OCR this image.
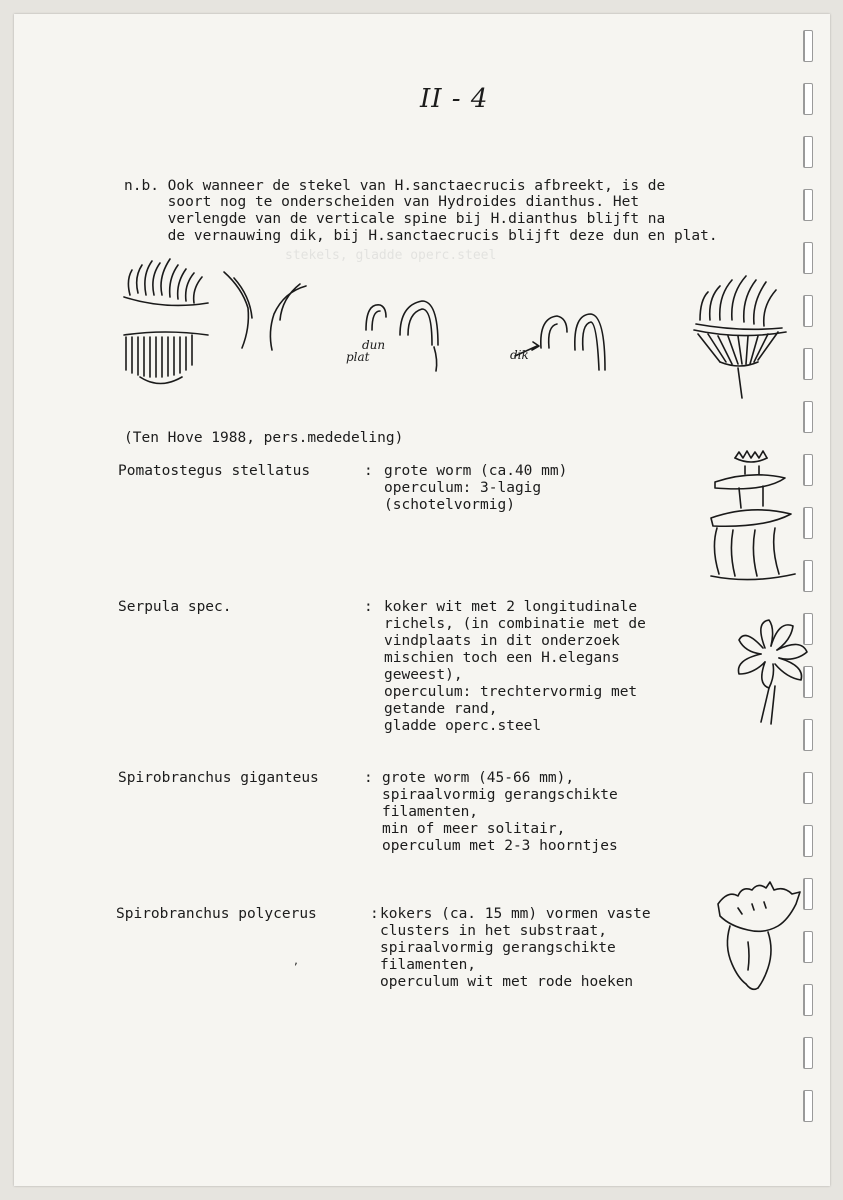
stekels, gladde operc.steel
II - 4
n.b. Ook wanneer de stekel van H.sanctaecrucis afbreekt, is de
soort nog te onderscheiden van Hydroides dianthus. Het
verlengde van de verticale spine bij H.dianthus blijft na
de vernauwing dik, bij H.sanctaecrucis blijft deze dun en plat.
dun
plat	dik
(Ten Hove 1988, pers.mededeling)
Pomatostegus stellatus	: grote worm (ca.40 mm)
operculum: 3-lagig
(schotelvormig)
Serpula spec.	: koker wit met 2 longitudinale
richels, (in combinatie met de
vindplaats in dit onderzoek
mischien toch een H.elegans
geweest),
operculum: trechtervormig met
getande rand,
gladde operc.steel
Spirobranchus giganteus	: grote worm (45-66 mm),
spiraalvormig gerangschikte
filamenten,
min of meer solitair,
operculum met 2-3 hoorntjes
Spirobranchus polycerus	: kokers (ca. 15 mm) vormen vaste
clusters in het substraat,
spiraalvormig gerangschikte
filamenten,
operculum wit met rode hoeken
,
